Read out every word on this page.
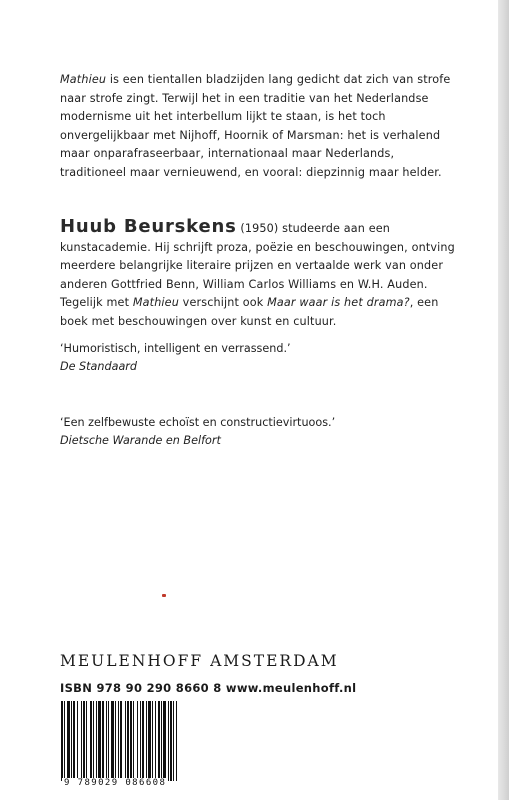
Mathieu is een tientallen bladzijden lang gedicht dat zich van strofe naar strofe zingt. Terwijl het in een traditie van het Nederlandse modernisme uit het interbellum lijkt te staan, is het toch onvergelijkbaar met Nijhoff, Hoornik of Marsman: het is verhalend maar onparafraseerbaar, internationaal maar Nederlands, traditioneel maar vernieuwend, en vooral: diepzinnig maar helder.

Huub Beurskens (1950) studeerde aan een kunstacademie. Hij schrijft proza, poëzie en beschouwingen, ontving meerdere belangrijke literaire prijzen en vertaalde werk van onder anderen Gottfried Benn, William Carlos Williams en W.H. Auden. Tegelijk met Mathieu verschijnt ook Maar waar is het drama?, een boek met beschouwingen over kunst en cultuur.

‘Humoristisch, intelligent en verrassend.’

De Standaard

‘Een zelfbewuste echoïst en constructievirtuoos.’

Dietsche Warande en Belfort

MEULENHOFF AMSTERDAM

ISBN 978 90 290 8660 8 www.meulenhoff.nl

9 789029 086608
